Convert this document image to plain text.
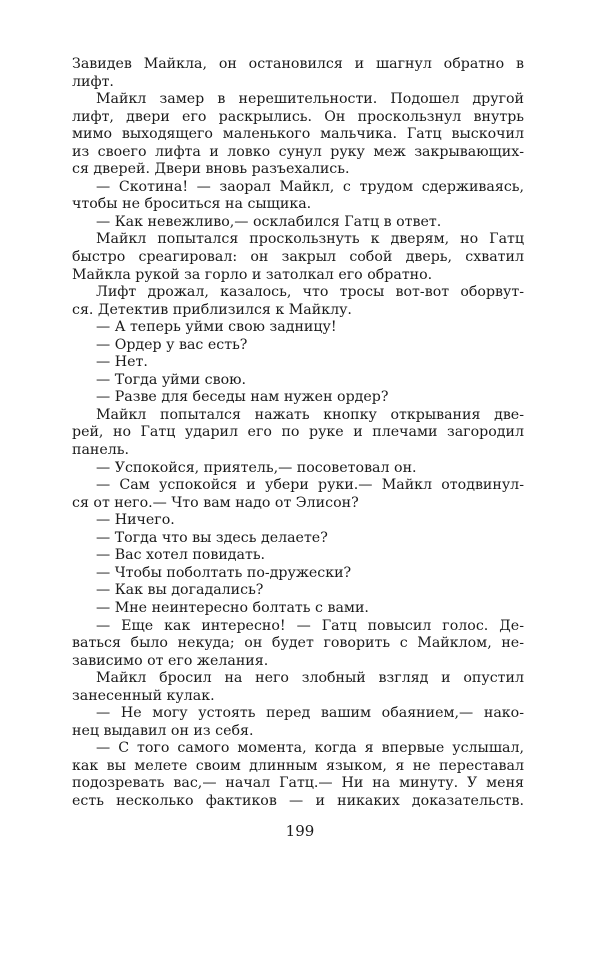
Завидев Майкла, он остановился и шагнул обратно в
лифт.
Майкл замер в нерешительности. Подошел другой
лифт, двери его раскрылись. Он проскользнул внутрь
мимо выходящего маленького мальчика. Гатц выскочил
из своего лифта и ловко сунул руку меж закрывающих-
ся дверей. Двери вновь разъехались.
— Скотина! — заорал Майкл, с трудом сдерживаясь,
чтобы не броситься на сыщика.
— Как невежливо,— осклабился Гатц в ответ.
Майкл попытался проскользнуть к дверям, но Гатц
быстро среагировал: он закрыл собой дверь, схватил
Майкла рукой за горло и затолкал его обратно.
Лифт дрожал, казалось, что тросы вот-вот оборвут-
ся. Детектив приблизился к Майклу.
— А теперь уйми свою задницу!
— Ордер у вас есть?
— Нет.
— Тогда уйми свою.
— Разве для беседы нам нужен ордер?
Майкл попытался нажать кнопку открывания две-
рей, но Гатц ударил его по руке и плечами загородил
панель.
— Успокойся, приятель,— посоветовал он.
— Сам успокойся и убери руки.— Майкл отодвинул-
ся от него.— Что вам надо от Элисон?
— Ничего.
— Тогда что вы здесь делаете?
— Вас хотел повидать.
— Чтобы поболтать по-дружески?
— Как вы догадались?
— Мне неинтересно болтать с вами.
— Еще как интересно! — Гатц повысил голос. Де-
ваться было некуда; он будет говорить с Майклом, не-
зависимо от его желания.
Майкл бросил на него злобный взгляд и опустил
занесенный кулак.
— Не могу устоять перед вашим обаянием,— нако-
нец выдавил он из себя.
— С того самого момента, когда я впервые услышал,
как вы мелете своим длинным языком, я не переставал
подозревать вас,— начал Гатц.— Ни на минуту. У меня
есть несколько фактиков — и никаких доказательств.
199
